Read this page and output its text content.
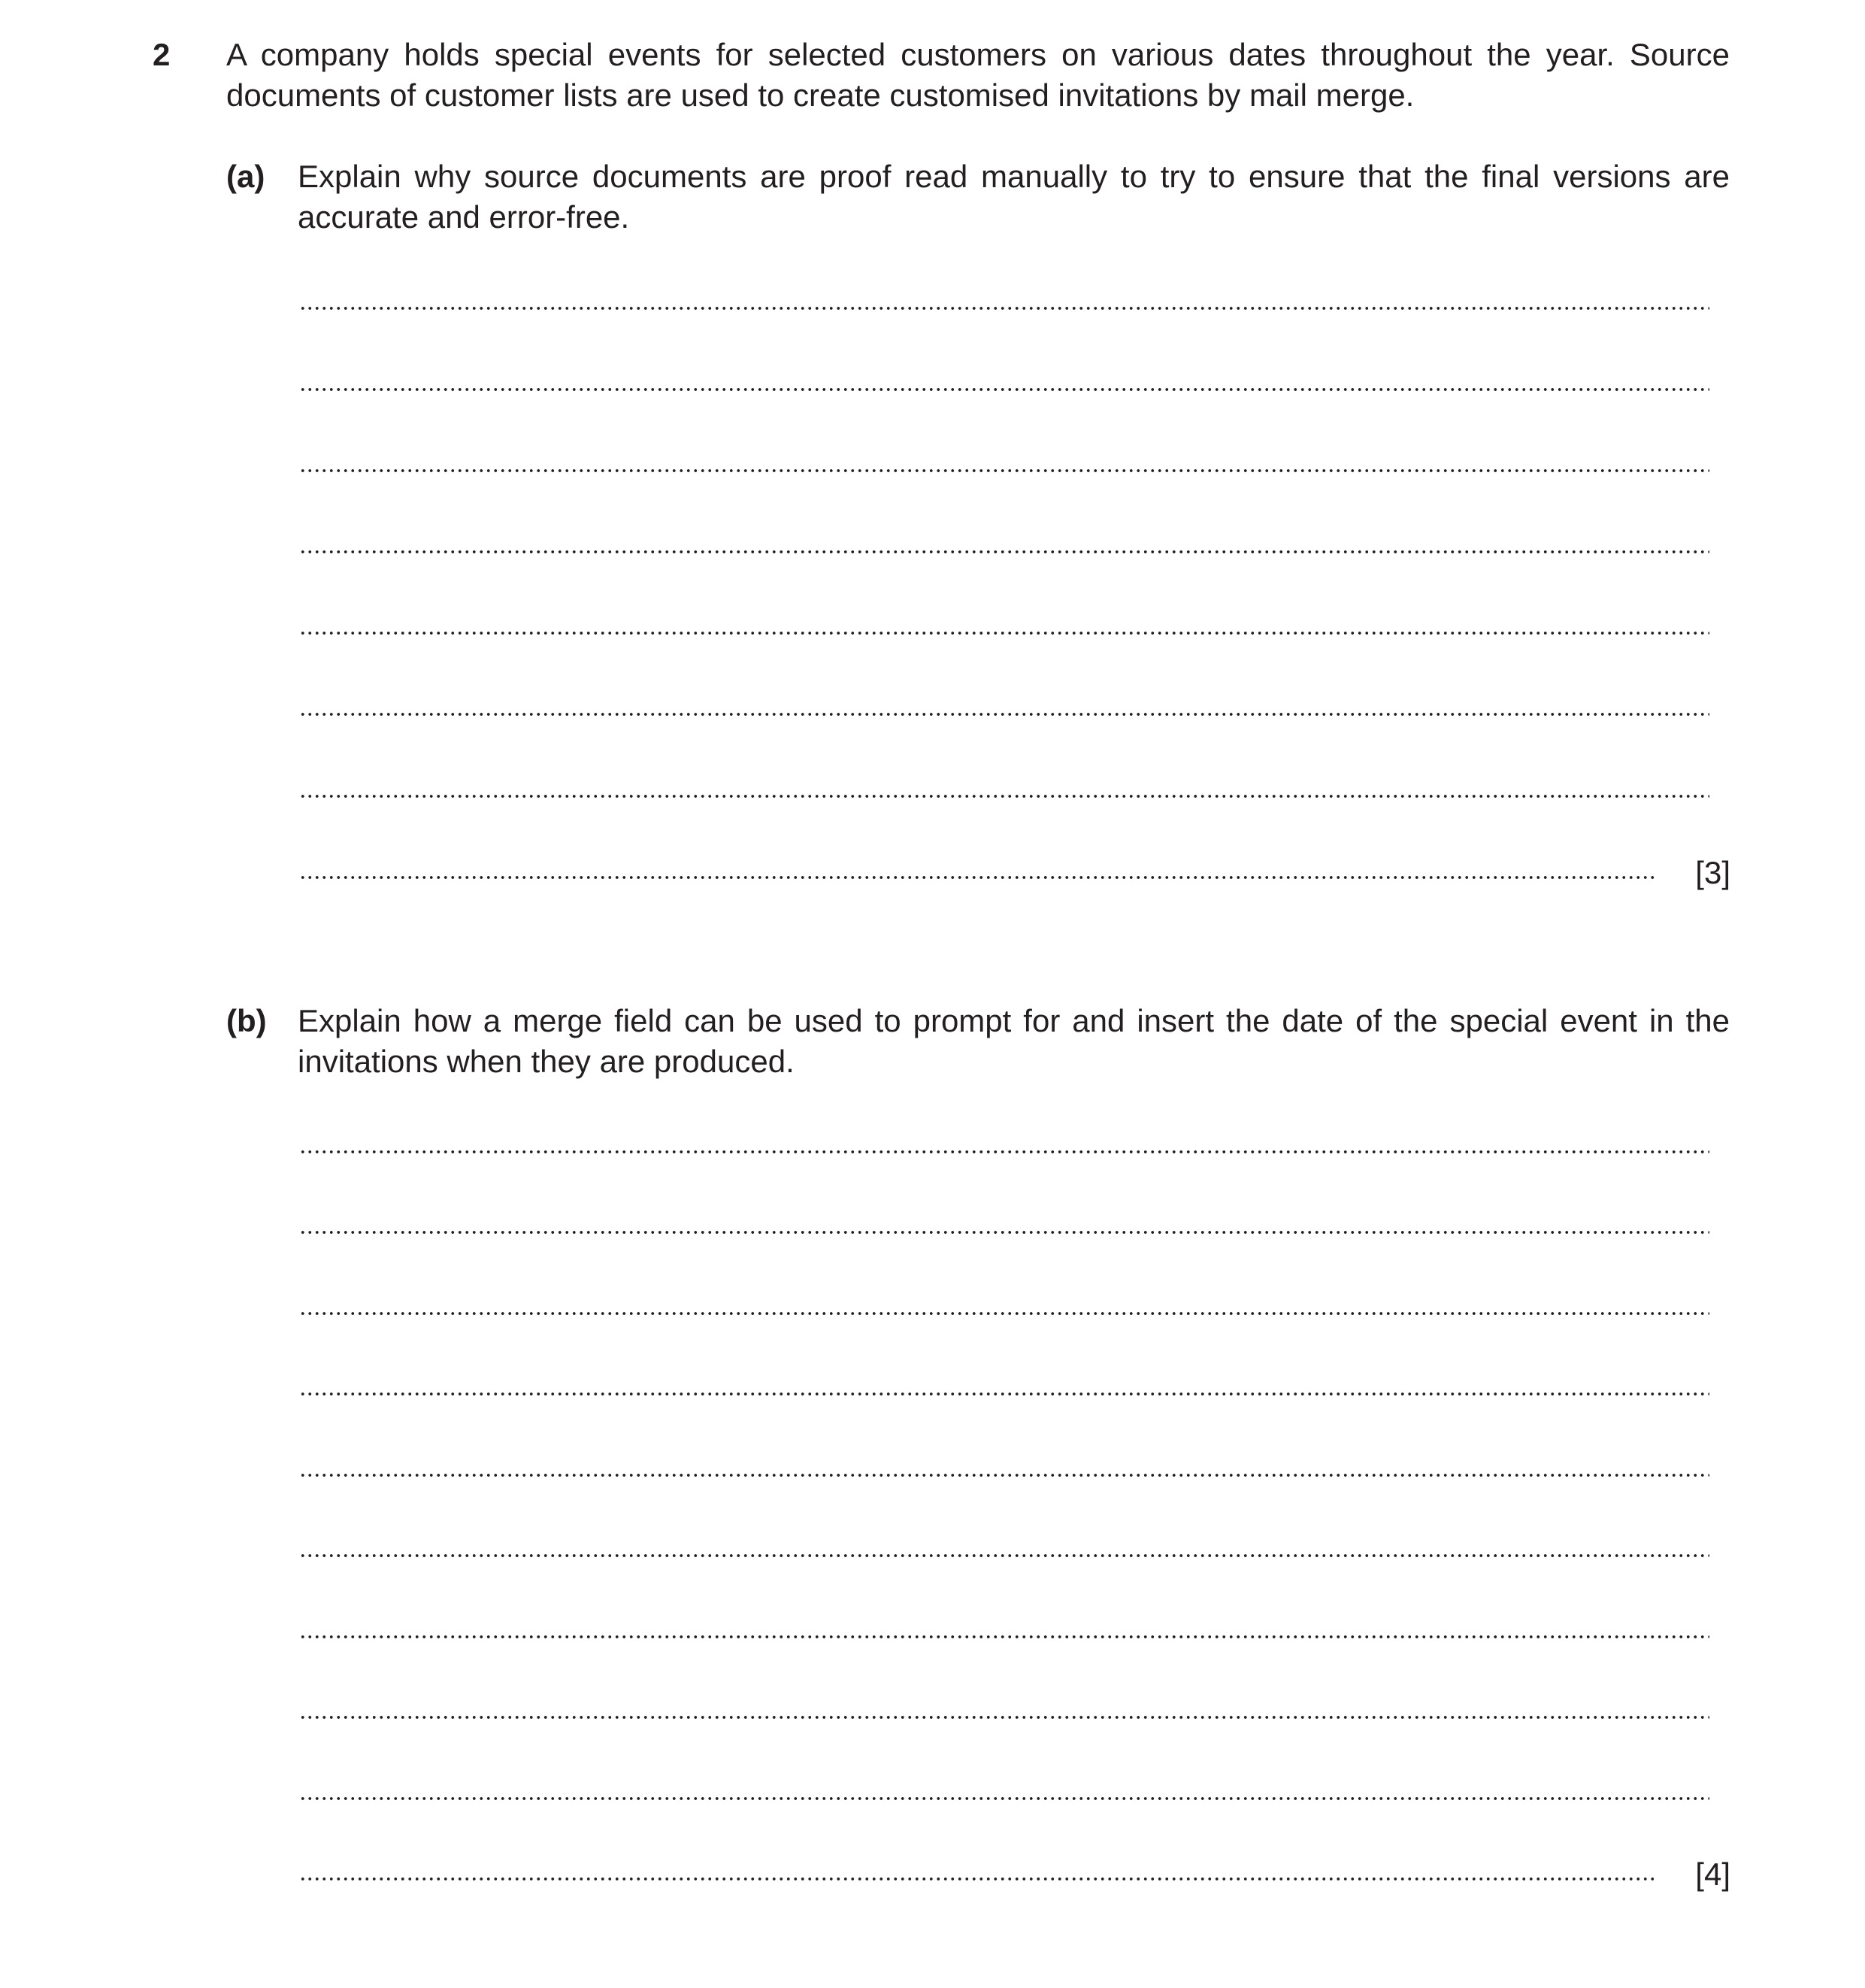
2 A company holds special events for selected customers on various dates throughout the year. Source documents of customer lists are used to create customised invitations by mail merge.
(a) Explain why source documents are proof read manually to try to ensure that the final versions are accurate and error-free.
[3]
(b) Explain how a merge field can be used to prompt for and insert the date of the special event in the invitations when they are produced.
[4]
